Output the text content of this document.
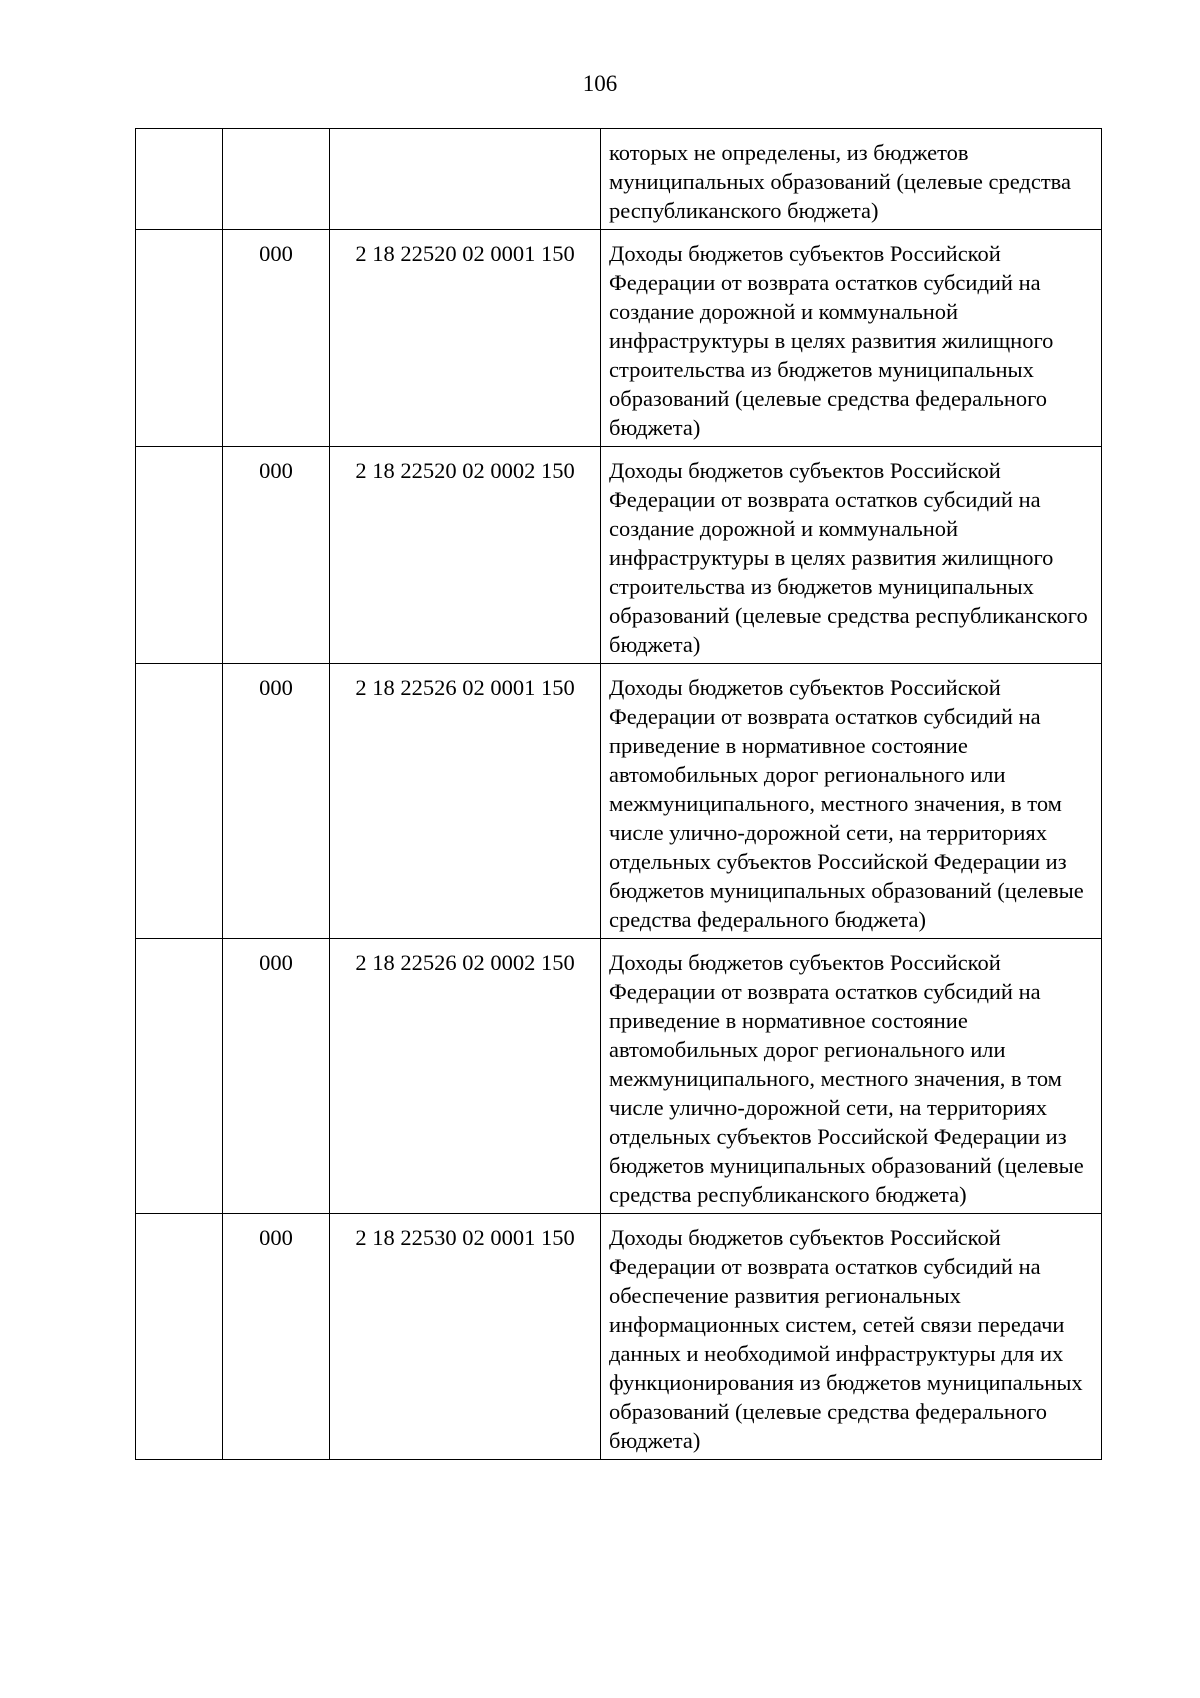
106
			которых не определены, из бюджетов муниципальных образований (целевые средства республиканского бюджета)
	000	2 18 22520 02 0001 150	Доходы бюджетов субъектов Российской Федерации от возврата остатков субсидий на создание дорожной и коммунальной инфраструктуры в целях развития жилищного строительства из бюджетов муниципальных образований (целевые средства федерального бюджета)
	000	2 18 22520 02 0002 150	Доходы бюджетов субъектов Российской Федерации от возврата остатков субсидий на создание дорожной и коммунальной инфраструктуры в целях развития жилищного строительства из бюджетов муниципальных образований (целевые средства республиканского бюджета)
	000	2 18 22526 02 0001 150	Доходы бюджетов субъектов Российской Федерации от возврата остатков субсидий на приведение в нормативное состояние автомобильных дорог регионального или межмуниципального, местного значения, в том числе улично-дорожной сети, на территориях отдельных субъектов Российской Федерации из бюджетов муниципальных образований (целевые средства федерального бюджета)
	000	2 18 22526 02 0002 150	Доходы бюджетов субъектов Российской Федерации от возврата остатков субсидий на приведение в нормативное состояние автомобильных дорог регионального или межмуниципального, местного значения, в том числе улично-дорожной сети, на территориях отдельных субъектов Российской Федерации из бюджетов муниципальных образований (целевые средства республиканского бюджета)
	000	2 18 22530 02 0001 150	Доходы бюджетов субъектов Российской Федерации от возврата остатков субсидий на обеспечение развития региональных информационных систем, сетей связи передачи данных и необходимой инфраструктуры для их функционирования из бюджетов муниципальных образований (целевые средства федерального бюджета)
